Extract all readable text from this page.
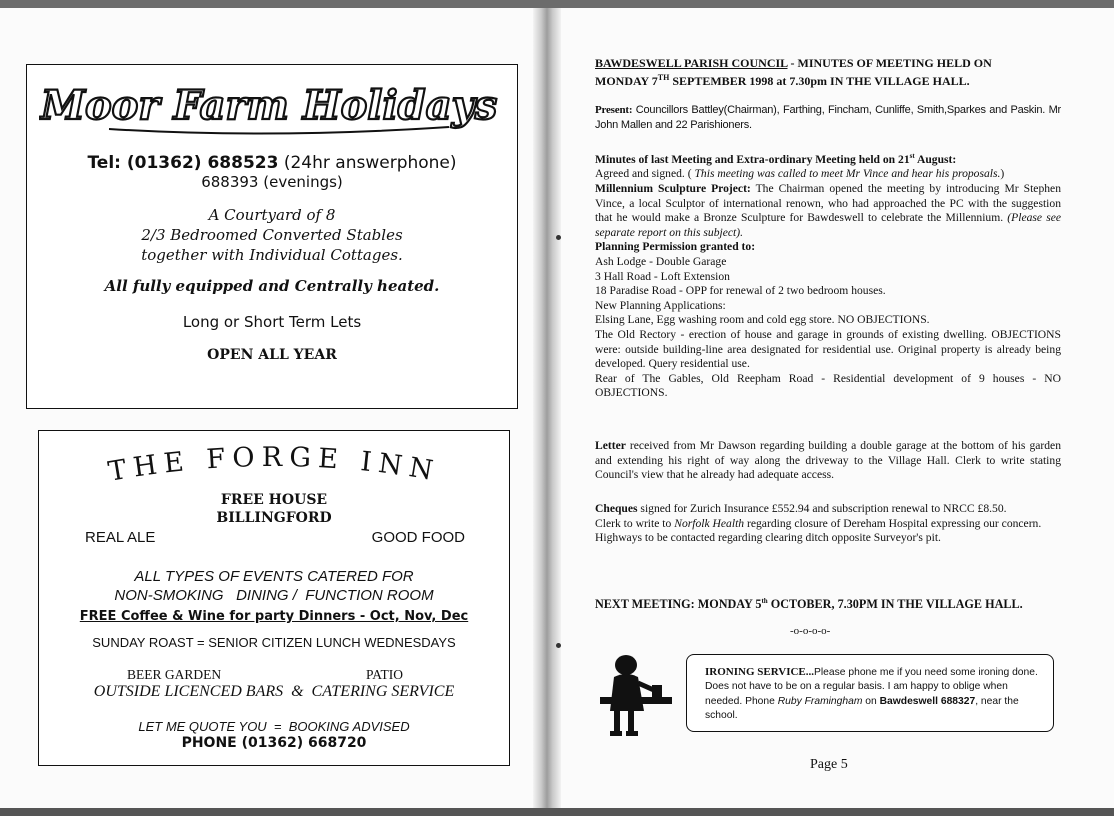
Moor Farm Holidays
Tel: (01362) 688523 (24hr answerphone)
688393 (evenings)
A Courtyard of 8
2/3 Bedroomed Converted Stables
together with Individual Cottages.
All fully equipped and Centrally heated.
Long or Short Term Lets
OPEN ALL YEAR
THE FORGE INN
FREE HOUSE
BILLINGFORD
REAL ALE	GOOD FOOD
ALL TYPES OF EVENTS CATERED FOR
NON-SMOKING   DINING /  FUNCTION ROOM
FREE Coffee & Wine for party Dinners - Oct, Nov, Dec
SUNDAY ROAST = SENIOR CITIZEN LUNCH WEDNESDAYS
BEER GARDEN	PATIO
OUTSIDE LICENCED BARS  &  CATERING SERVICE
LET ME QUOTE YOU  =  BOOKING ADVISED
PHONE (01362) 668720

BAWDESWELL PARISH COUNCIL - MINUTES OF MEETING HELD ON

MONDAY 7TH SEPTEMBER 1998 at 7.30pm IN THE VILLAGE HALL.

Present: Councillors Battley(Chairman), Farthing, Fincham, Cunliffe, Smith,Sparkes and Paskin. Mr John Mallen and 22 Parishioners.

Minutes of last Meeting and Extra-ordinary Meeting held on 21st August:

Agreed and signed. ( This meeting was called to meet Mr Vince and hear his proposals.)

Millennium Sculpture Project: The Chairman opened the meeting by introducing Mr Stephen Vince, a local Sculptor of international renown, who had approached the PC with the suggestion that he would make a Bronze Sculpture for Bawdeswell to celebrate the Millennium. (Please see separate report on this subject).

Planning Permission granted to:

Ash Lodge - Double Garage

3 Hall Road - Loft Extension

18 Paradise Road - OPP for renewal of 2 two bedroom houses.

New Planning Applications:

Elsing Lane, Egg washing room and cold egg store. NO OBJECTIONS.

The Old Rectory - erection of house and garage in grounds of existing dwelling. OBJECTIONS were: outside building-line area designated for residential use. Original property is already being developed. Query residential use.

Rear of The Gables, Old Reepham Road - Residential development of 9 houses - NO OBJECTIONS.

Letter received from Mr Dawson regarding building a double garage at the bottom of his garden and extending his right of way along the driveway to the Village Hall. Clerk to write stating Council's view that he already had adequate access.

Cheques signed for Zurich Insurance £552.94 and subscription renewal to NRCC £8.50.

Clerk to write to Norfolk Health regarding closure of Dereham Hospital expressing our concern.

Highways to be contacted regarding clearing ditch opposite Surveyor's pit.

NEXT MEETING: MONDAY 5th OCTOBER, 7.30PM IN THE VILLAGE HALL.

-o-o-o-o-
IRONING SERVICE...Please phone me if you need some ironing done. Does not have to be on a regular basis. I am happy to oblige when needed. Phone Ruby Framingham on Bawdeswell 688327, near the school.
Page 5
